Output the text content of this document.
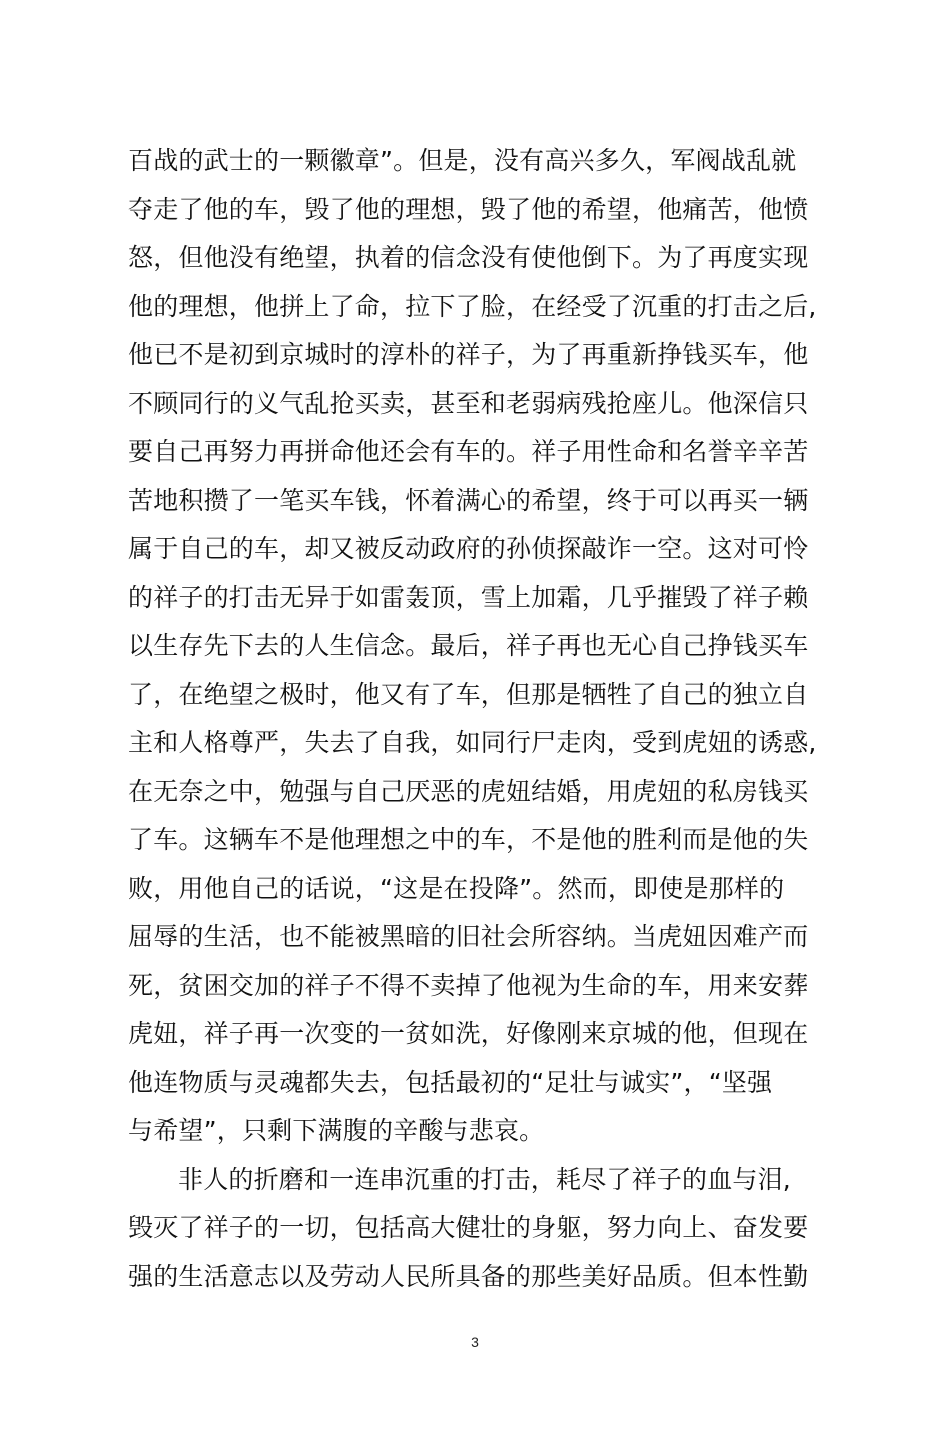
百战的武士的一颗徽章”。但是，没有高兴多久，军阀战乱就
夺走了他的车，毁了他的理想，毁了他的希望，他痛苦，他愤
怒，但他没有绝望，执着的信念没有使他倒下。为了再度实现
他的理想，他拼上了命，拉下了脸，在经受了沉重的打击之后,
他已不是初到京城时的淳朴的祥子，为了再重新挣钱买车，他
不顾同行的义气乱抢买卖，甚至和老弱病残抢座儿。他深信只
要自己再努力再拼命他还会有车的。祥子用性命和名誉辛辛苦
苦地积攒了一笔买车钱，怀着满心的希望，终于可以再买一辆
属于自己的车，却又被反动政府的孙侦探敲诈一空。这对可怜
的祥子的打击无异于如雷轰顶，雪上加霜，几乎摧毁了祥子赖
以生存先下去的人生信念。最后，祥子再也无心自己挣钱买车
了，在绝望之极时，他又有了车，但那是牺牲了自己的独立自
主和人格尊严，失去了自我，如同行尸走肉，受到虎妞的诱惑,
在无奈之中，勉强与自己厌恶的虎妞结婚，用虎妞的私房钱买
了车。这辆车不是他理想之中的车，不是他的胜利而是他的失
败，用他自己的话说，“这是在投降”。然而，即使是那样的
屈辱的生活，也不能被黑暗的旧社会所容纳。当虎妞因难产而
死，贫困交加的祥子不得不卖掉了他视为生命的车，用来安葬
虎妞，祥子再一次变的一贫如洗，好像刚来京城的他，但现在
他连物质与灵魂都失去，包括最初的“足壮与诚实”，“坚强
与希望”，只剩下满腹的辛酸与悲哀。
非人的折磨和一连串沉重的打击，耗尽了祥子的血与泪,
毁灭了祥子的一切，包括高大健壮的身躯，努力向上、奋发要
强的生活意志以及劳动人民所具备的那些美好品质。但本性勤
3
